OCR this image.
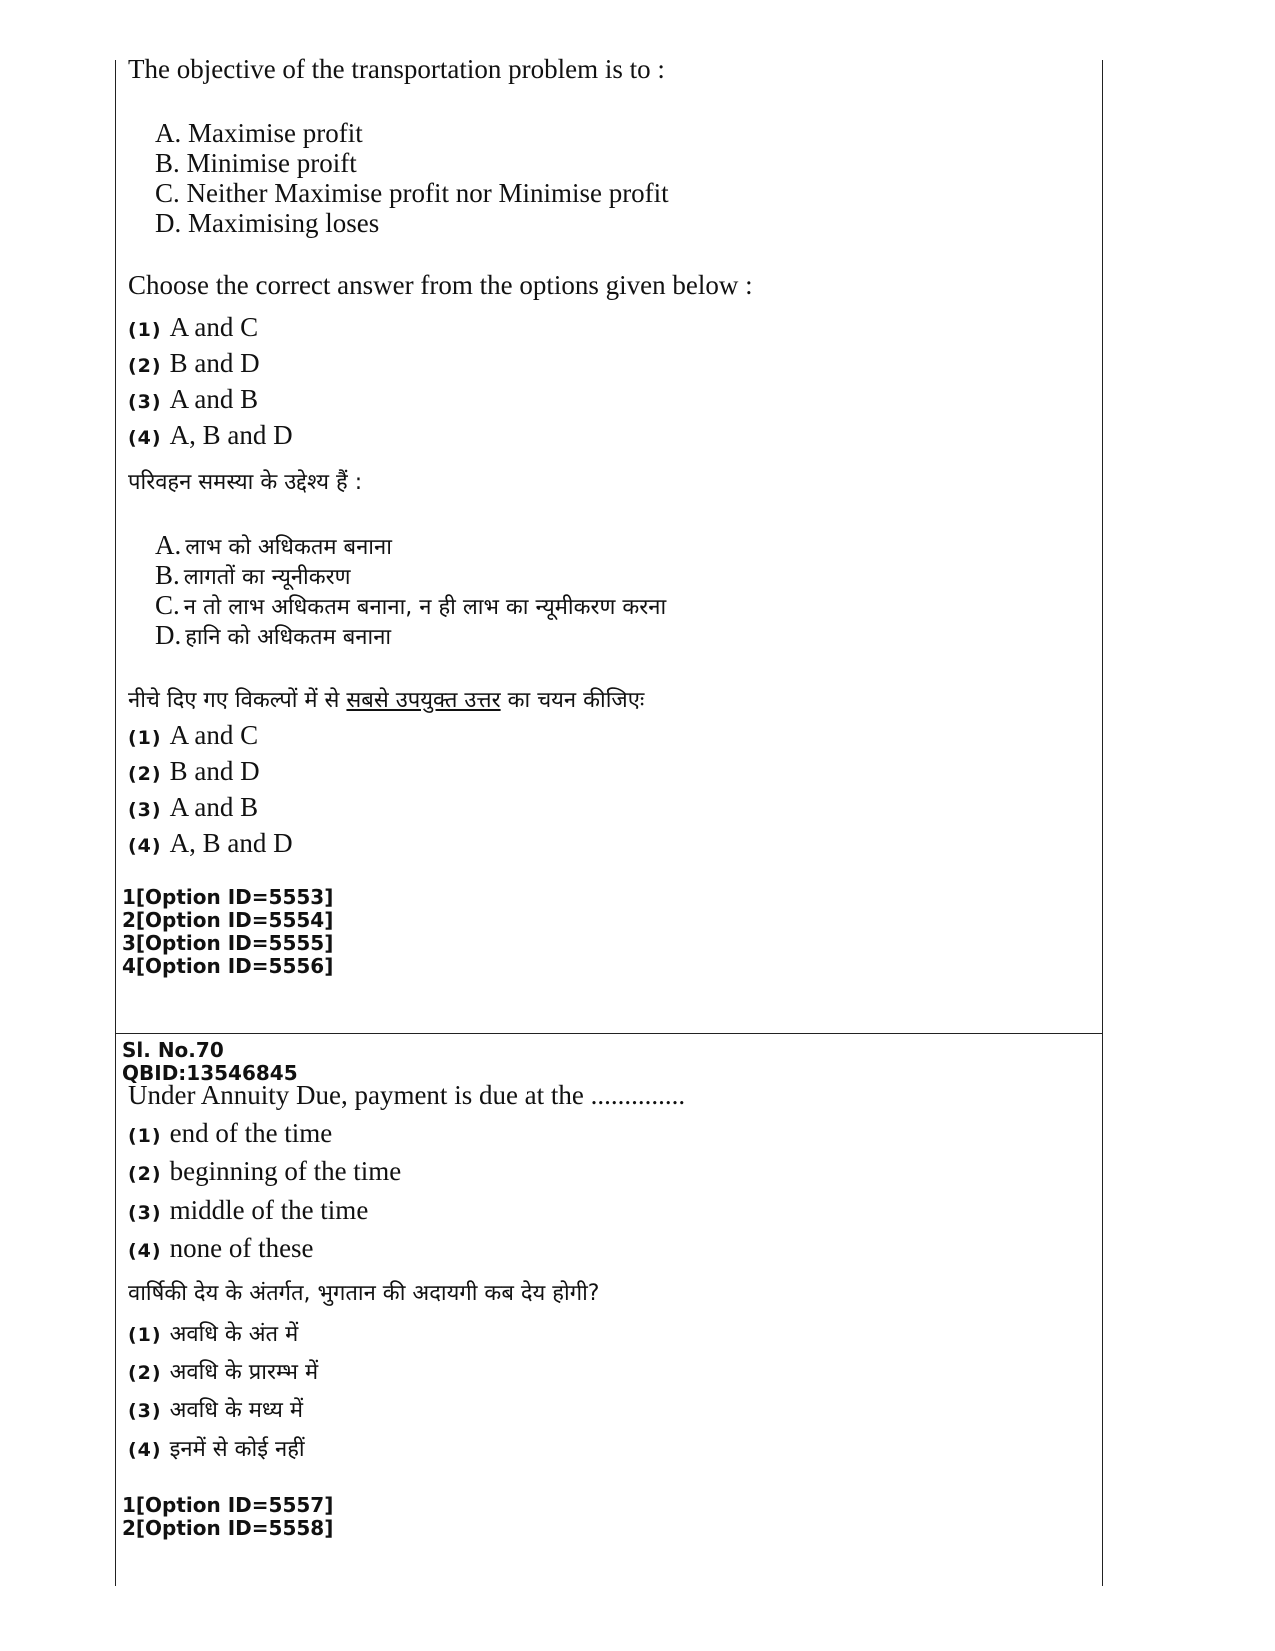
The objective of the transportation problem is to :
A. Maximise profit
B. Minimise proift
C. Neither Maximise profit nor Minimise profit
D. Maximising loses
Choose the correct answer from the options given below :
(1) A and C
(2) B and D
(3) A and B
(4) A, B and D
परिवहन समस्या के उद्देश्य हैं :
A. लाभ को अधिकतम बनाना
B. लागतों का न्यूनीकरण
C. न तो लाभ अधिकतम बनाना, न ही लाभ का न्यूमीकरण करना
D. हानि को अधिकतम बनाना
नीचे दिए गए विकल्पों में से सबसे उपयुक्त उत्तर का चयन कीजिएः
(1) A and C
(2) B and D
(3) A and B
(4) A, B and D
1[Option ID=5553]
2[Option ID=5554]
3[Option ID=5555]
4[Option ID=5556]
Sl. No.70
QBID:13546845
Under Annuity Due, payment is due at the ..............
(1) end of the time
(2) beginning of the time
(3) middle of the time
(4) none of these
वार्षिकी देय के अंतर्गत, भुगतान की अदायगी कब देय होगी?
(1) अवधि के अंत में
(2) अवधि के प्रारम्भ में
(3) अवधि के मध्य में
(4) इनमें से कोई नहीं
1[Option ID=5557]
2[Option ID=5558]
